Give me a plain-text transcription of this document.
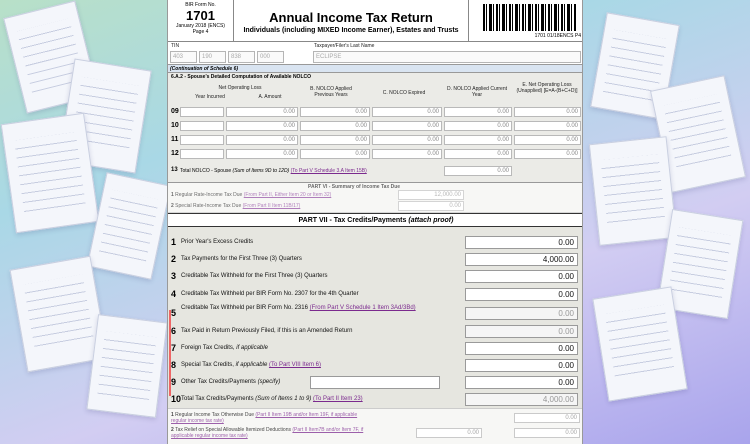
BIR Form No.
1701
January 2018 (ENCS)
Page 4
Annual Income Tax Return
Individuals (including MIXED Income Earner), Estates and Trusts
1701 01/18ENCS P4
TIN
403	190	838	000
Taxpayer/Filer's Last Name
ECLIPSE
(Continuation of Schedule 6)
6.A.2 - Spouse's Detailed Computation of Available NOLCO
Net Operating Loss
Year Incurred	A. Amount
B. NOLCO Applied Previous Years	C. NOLCO Expired
D. NOLCO Applied Current Year
E. Net Operating Loss (Unapplied) [E=A-(B+C+D)]
09	0.00	0.00	0.00	0.00	0.00
10	0.00	0.00	0.00	0.00	0.00
11	0.00	0.00	0.00	0.00	0.00
12	0.00	0.00	0.00	0.00	0.00
13 Total NOLCO - Spouse (Sum of Items 9D to 12D) (To Part V Schedule 3.A Item 15B)	0.00
PART VI - Summary of Income Tax Due
1 Regular Rate-Income Tax Due (From Part II, Either Item 20 or Item 32)	12,000.00
2 Special Rate-Income Tax Due (From Part II Item 11B/17)	0.00
PART VII - Tax Credits/Payments (attach proof)
1 Prior Year's Excess Credits	0.00
2 Tax Payments for the First Three (3) Quarters	4,000.00
3 Creditable Tax Withheld for the First Three (3) Quarters	0.00
4 Creditable Tax Withheld per BIR Form No. 2307 for the 4th Quarter	0.00
5 Creditable Tax Withheld per BIR Form No. 2316 (From Part V Schedule 1 Item 3Ad/3Bd)
0.00
6 Tax Paid in Return Previously Filed, if this is an Amended Return	0.00
7 Foreign Tax Credits, if applicable	0.00
8 Special Tax Credits, if applicable (To Part VIII Item 6)	0.00
9 Other Tax Credits/Payments (specify)	0.00
10 Total Tax Credits/Payments (Sum of Items 1 to 9) (To Part II Item 23)	4,000.00
1 Regular Income Tax Otherwise Due (Part II Item 19B and/or Item 19F, if applicable regular income tax rate)	0.00
2 Tax Relief on Special Allowable Itemized Deductions (Part II Item7B and/or Item 7F, if applicable regular income tax rate)	0.00	0.00
